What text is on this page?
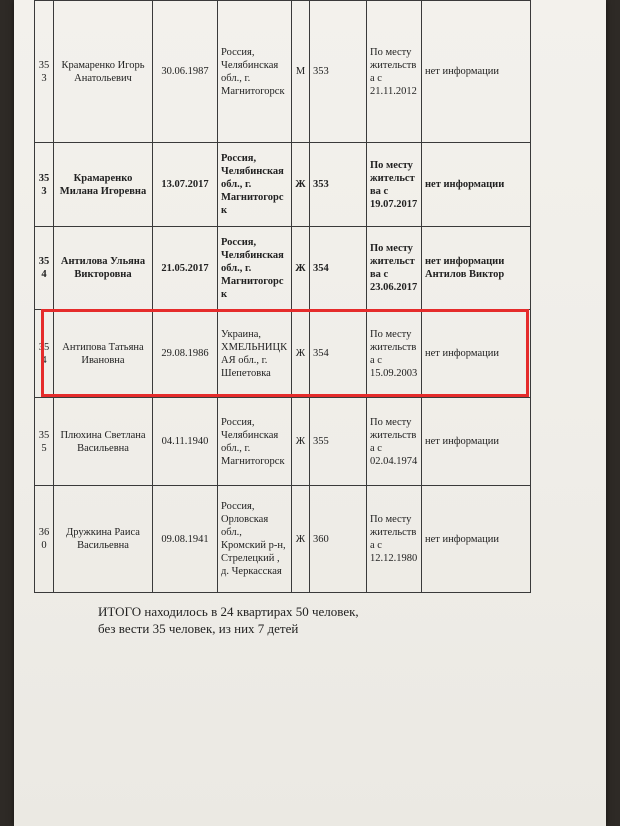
353	Крамаренко Игорь Анатольевич	30.06.1987	Россия, Челябинская обл., г. Магнитогорск	М	353	По месту жительства с 21.11.2012	нет информации
353	Крамаренко Милана Игоревна	13.07.2017	Россия, Челябинская обл., г. Магнитогорск	Ж	353	По месту жительства с 19.07.2017	нет информации
354	Антилова Ульяна Викторовна	21.05.2017	Россия, Челябинская обл., г. Магнитогорск	Ж	354	По месту жительства с 23.06.2017	нет информации Антилов Виктор
354	Антипова Татьяна Ивановна	29.08.1986	Украина, ХМЕЛЬНИЦКАЯ обл., г. Шепетовка	Ж	354	По месту жительства с 15.09.2003	нет информации
355	Плюхина Светлана Васильевна	04.11.1940	Россия, Челябинская обл., г. Магнитогорск	Ж	355	По месту жительства с 02.04.1974	нет информации
360	Дружкина Раиса Васильевна	09.08.1941	Россия, Орловская обл., Кромский р-н, Стрелецкий , д. Черкасская	Ж	360	По месту жительства с 12.12.1980	нет информации
ИТОГО находилось в 24 квартирах 50 человек,
без вести 35 человек, из них 7 детей
